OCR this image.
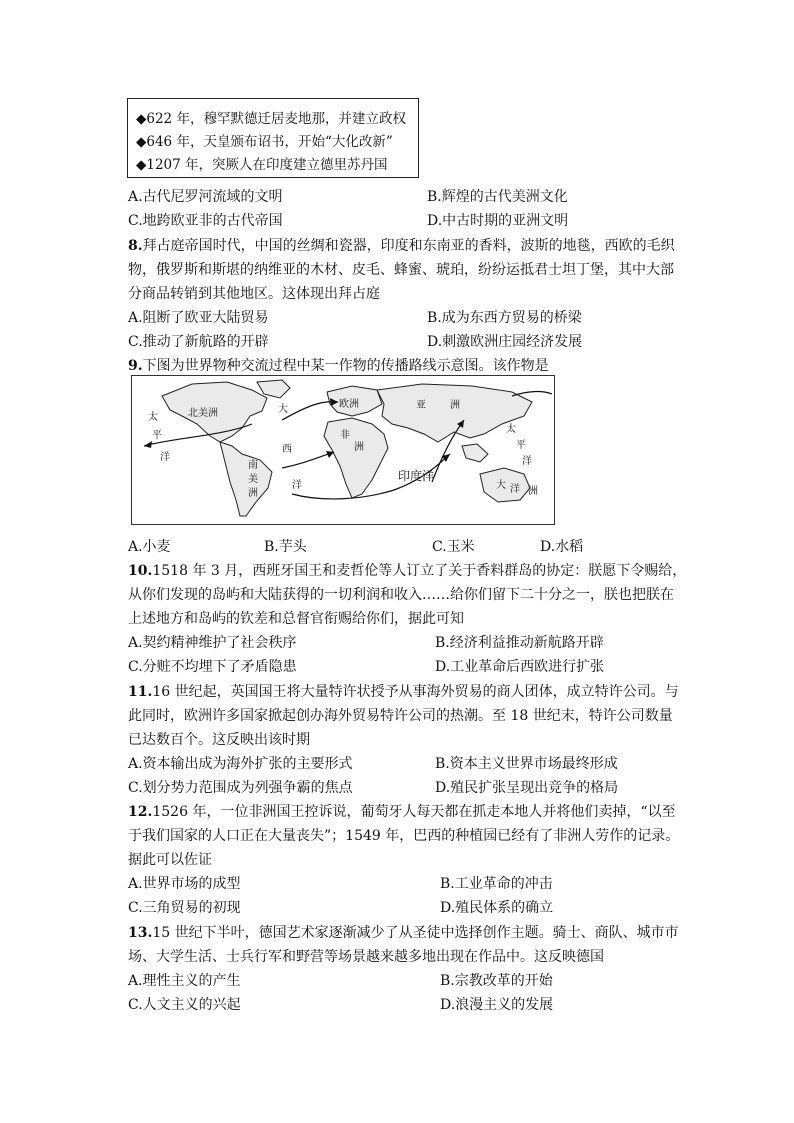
◆622 年，穆罕默德迁居麦地那，并建立政权
◆646 年，天皇颁布诏书，开始“大化改新”
◆1207 年，突厥人在印度建立德里苏丹国
A.古代尼罗河流域的文明	B.辉煌的古代美洲文化
C.地跨欧亚非的古代帝国	D.中古时期的亚洲文明
8.拜占庭帝国时代，中国的丝绸和瓷器，印度和东南亚的香料，波斯的地毯，西欧的毛织
物，俄罗斯和斯堪的纳维亚的木材、皮毛、蜂蜜、琥珀，纷纷运抵君士坦丁堡，其中大部
分商品转销到其他地区。这体现出拜占庭
A.阻断了欧亚大陆贸易	B.成为东西方贸易的桥梁
C.推动了新航路的开辟	D.刺激欧洲庄园经济发展
9.下图为世界物种交流过程中某一作物的传播路线示意图。该作物是
北美洲	大
西
洋
欧洲	亚 洲
非
洲
南
美
洲
太
平
洋
太
平
洋
印度洋
大 洋 洲
A.小麦	B.芋头	C.玉米	D.水稻
10.1518 年 3 月，西班牙国王和麦哲伦等人订立了关于香料群岛的协定：朕愿下令赐给，
从你们发现的岛屿和大陆获得的一切利润和收入……给你们留下二十分之一，朕也把朕在
上述地方和岛屿的钦差和总督官衔赐给你们，据此可知
A.契约精神维护了社会秩序	B.经济利益推动新航路开辟
C.分赃不均埋下了矛盾隐患	D.工业革命后西欧进行扩张
11.16 世纪起，英国国王将大量特许状授予从事海外贸易的商人团体，成立特许公司。与
此同时，欧洲许多国家掀起创办海外贸易特许公司的热潮。至 18 世纪末，特许公司数量
已达数百个。这反映出该时期
A.资本输出成为海外扩张的主要形式	B.资本主义世界市场最终形成
C.划分势力范围成为列强争霸的焦点	D.殖民扩张呈现出竞争的格局
12.1526 年，一位非洲国王控诉说，葡萄牙人每天都在抓走本地人并将他们卖掉，“以至
于我们国家的人口正在大量丧失”；1549 年，巴西的种植园已经有了非洲人劳作的记录。
据此可以佐证
A.世界市场的成型	B.工业革命的冲击
C.三角贸易的初现	D.殖民体系的确立
13.15 世纪下半叶，德国艺术家逐渐减少了从圣徒中选择创作主题。骑士、商队、城市市
场、大学生活、士兵行军和野营等场景越来越多地出现在作品中。这反映德国
A.理性主义的产生	B.宗教改革的开始
C.人文主义的兴起	D.浪漫主义的发展
